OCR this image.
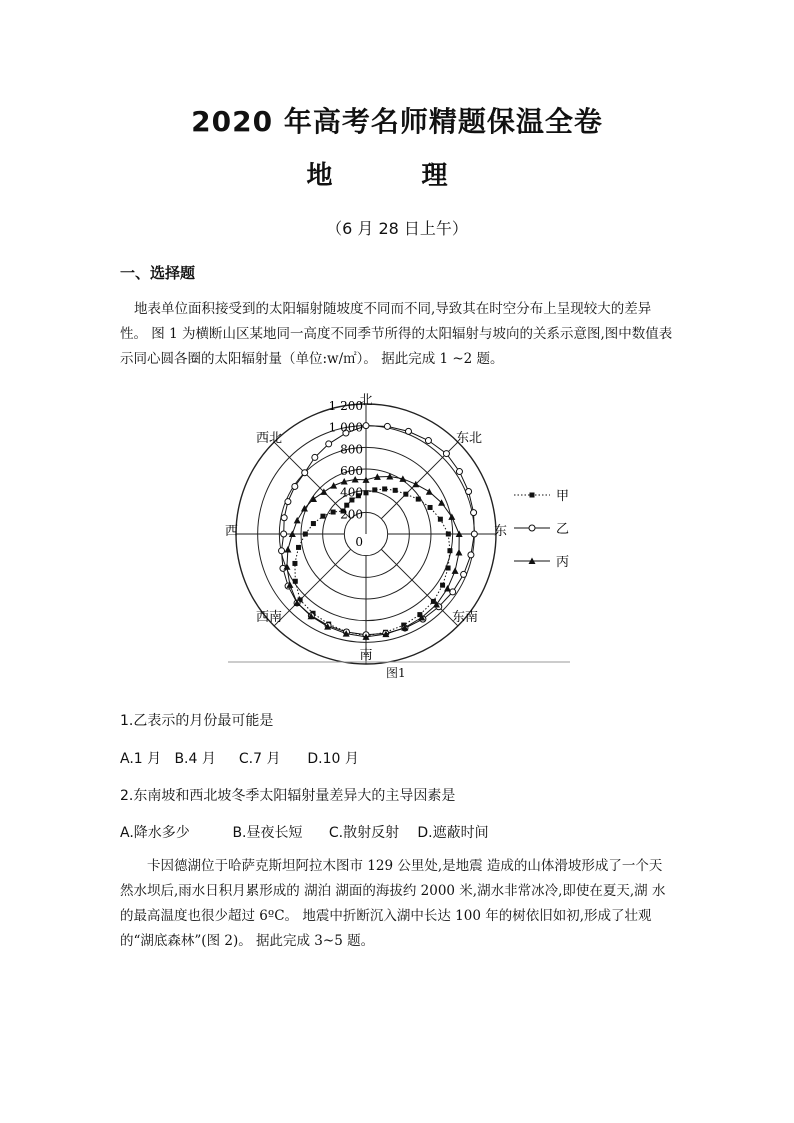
2020 年高考名师精题保温全卷
地 理
（6 月 28 日上午）
一、选择题
地表单位面积接受到的太阳辐射随坡度不同而不同,导致其在时空分布上呈现较大的差异性。 图 1 为横断山区某地同一高度不同季节所得的太阳辐射与坡向的关系示意图,图中数值表示同心圆各圈的太阳辐射量（单位:w/㎡）。 据此完成 1 ~2 题。
0
200
400
600
800
1 000
1 200
北
东北
东
东南
南
西南
西
西北
甲
乙
丙
图1
1.乙表示的月份最可能是
A.1 月 B.4 月 C.7 月 D.10 月
2.东南坡和西北坡冬季太阳辐射量差异大的主导因素是
A.降水多少	B.昼夜长短 C.散射反射 D.遮蔽时间
卡因德湖位于哈萨克斯坦阿拉木图市 129 公里处,是地震 造成的山体滑坡形成了一个天然水坝后,雨水日积月累形成的 湖泊 湖面的海拔约 2000 米,湖水非常冰冷,即使在夏天,湖 水的最高温度也很少超过 6ºC。 地震中折断沉入湖中长达 100 年的树依旧如初,形成了壮观的“湖底森林”(图 2)。 据此完成 3~5 题。
